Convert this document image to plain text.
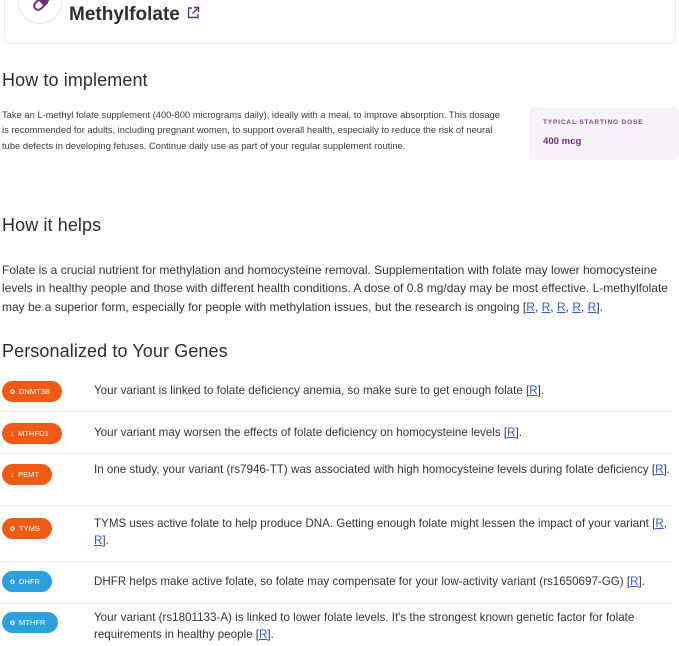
Methylfolate
How to implement

Take an L-methyl folate supplement (400-800 micrograms daily), ideally with a meal, to improve absorption. This dosage is recommended for adults, including pregnant women, to support overall health, especially to reduce the risk of neural tube defects in developing fetuses. Continue daily use as part of your regular supplement routine.

TYPICAL STARTING DOSE
400 mcg
How it helps

Folate is a crucial nutrient for methylation and homocysteine removal. Supplementation with folate may lower homocysteine levels in healthy people and those with different health conditions. A dose of 0.8 mg/day may be most effective. L-methylfolate may be a superior form, especially for people with methylation issues, but the research is ongoing [R, R, R, R, R].

Personalized to Your Genes
o DNMT3B	Your variant is linked to folate deficiency anemia, so make sure to get enough folate [R].

↓ MTHFD1	Your variant may worsen the effects of folate deficiency on homocysteine levels [R].

↓ PEMT	In one study, your variant (rs7946-TT) was associated with high homocysteine levels during folate deficiency [R].

o TYMS	TYMS uses active folate to help produce DNA. Getting enough folate might lessen the impact of your variant [R, R].

o DHFR	DHFR helps make active folate, so folate may compensate for your low-activity variant (rs1650697-GG) [R].

o MTHFR	Your variant (rs1801133-A) is linked to lower folate levels. It's the strongest known genetic factor for folate requirements in healthy people [R].
